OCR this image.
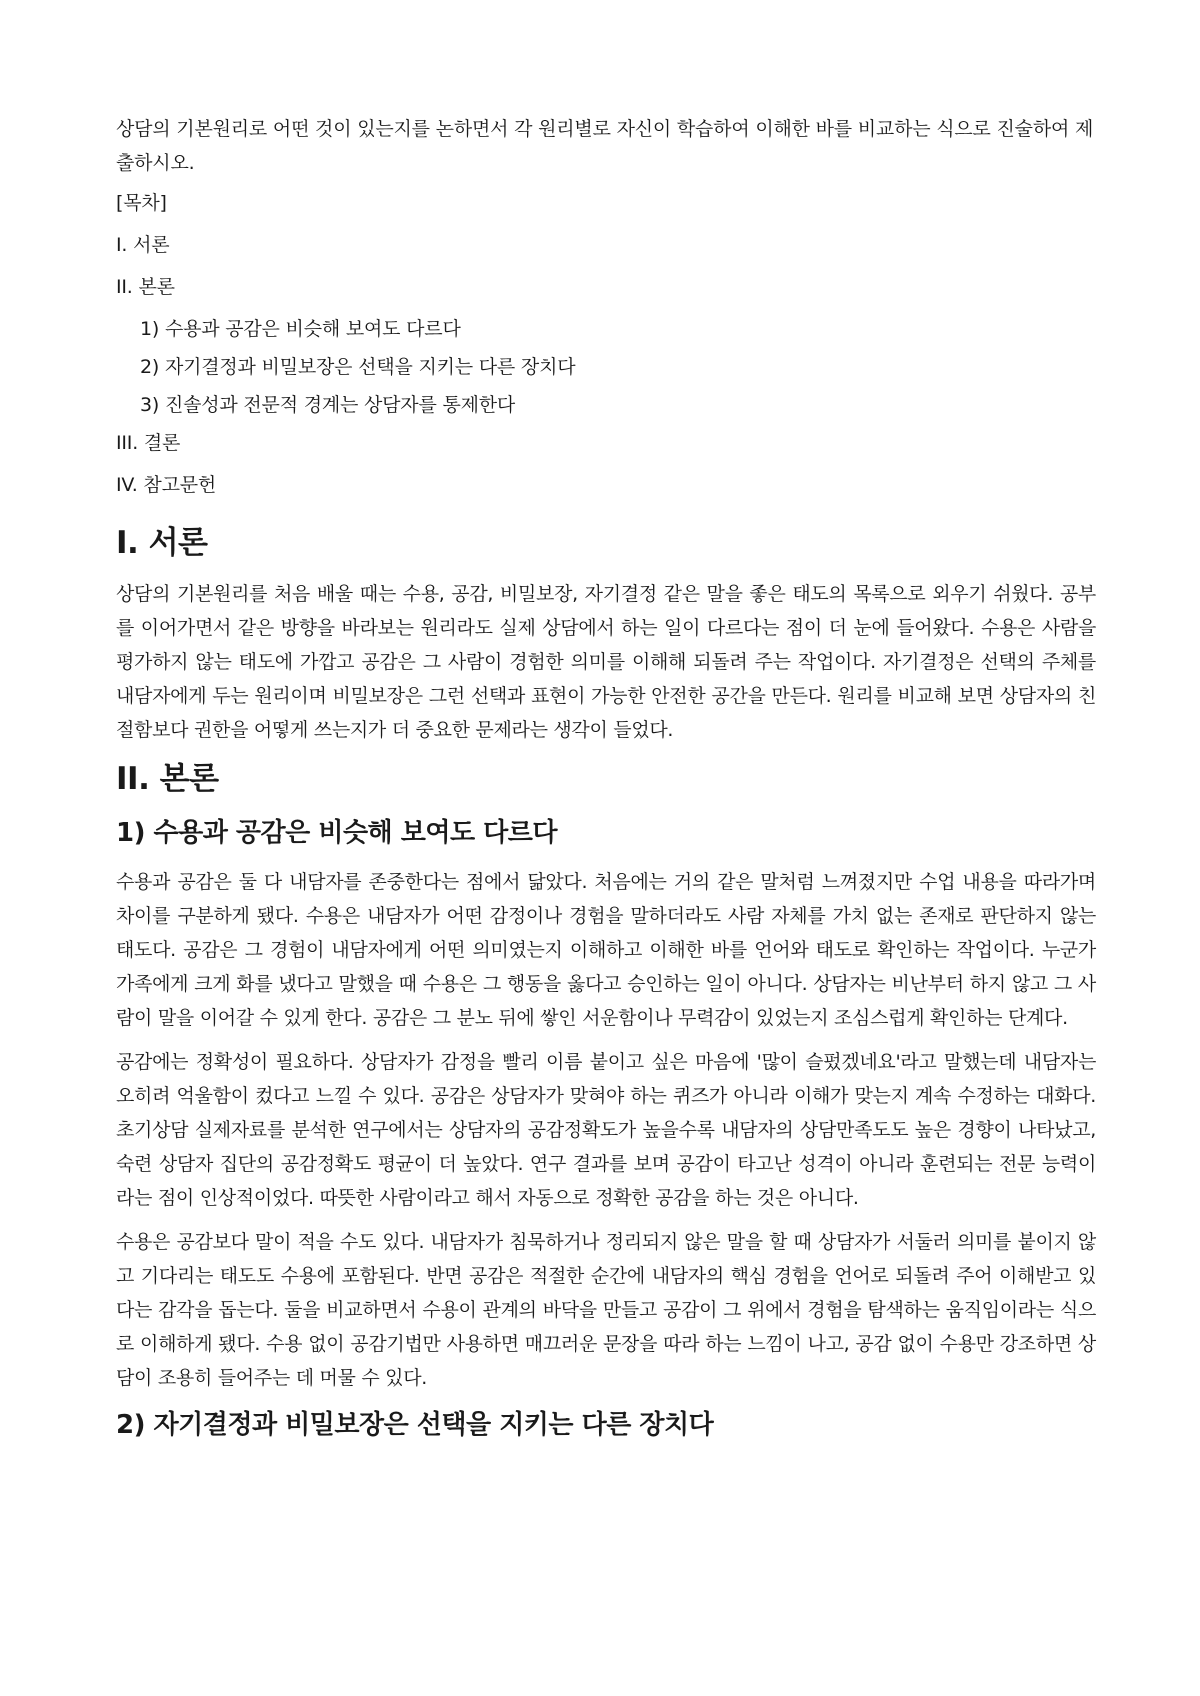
상담의 기본원리로 어떤 것이 있는지를 논하면서 각 원리별로 자신이 학습하여 이해한 바를 비교하는 식으로 진술하여 제출하시오.

[목차]
I. 서론
II. 본론
1) 수용과 공감은 비슷해 보여도 다르다
2) 자기결정과 비밀보장은 선택을 지키는 다른 장치다
3) 진솔성과 전문적 경계는 상담자를 통제한다
III. 결론
IV. 참고문헌
I. 서론

상담의 기본원리를 처음 배울 때는 수용, 공감, 비밀보장, 자기결정 같은 말을 좋은 태도의 목록으로 외우기 쉬웠다. 공부를 이어가면서 같은 방향을 바라보는 원리라도 실제 상담에서 하는 일이 다르다는 점이 더 눈에 들어왔다. 수용은 사람을 평가하지 않는 태도에 가깝고 공감은 그 사람이 경험한 의미를 이해해 되돌려 주는 작업이다. 자기결정은 선택의 주체를 내담자에게 두는 원리이며 비밀보장은 그런 선택과 표현이 가능한 안전한 공간을 만든다. 원리를 비교해 보면 상담자의 친절함보다 권한을 어떻게 쓰는지가 더 중요한 문제라는 생각이 들었다.

II. 본론
1) 수용과 공감은 비슷해 보여도 다르다

수용과 공감은 둘 다 내담자를 존중한다는 점에서 닮았다. 처음에는 거의 같은 말처럼 느껴졌지만 수업 내용을 따라가며 차이를 구분하게 됐다. 수용은 내담자가 어떤 감정이나 경험을 말하더라도 사람 자체를 가치 없는 존재로 판단하지 않는 태도다. 공감은 그 경험이 내담자에게 어떤 의미였는지 이해하고 이해한 바를 언어와 태도로 확인하는 작업이다. 누군가 가족에게 크게 화를 냈다고 말했을 때 수용은 그 행동을 옳다고 승인하는 일이 아니다. 상담자는 비난부터 하지 않고 그 사람이 말을 이어갈 수 있게 한다. 공감은 그 분노 뒤에 쌓인 서운함이나 무력감이 있었는지 조심스럽게 확인하는 단계다.

공감에는 정확성이 필요하다. 상담자가 감정을 빨리 이름 붙이고 싶은 마음에 '많이 슬펐겠네요'라고 말했는데 내담자는 오히려 억울함이 컸다고 느낄 수 있다. 공감은 상담자가 맞혀야 하는 퀴즈가 아니라 이해가 맞는지 계속 수정하는 대화다. 초기상담 실제자료를 분석한 연구에서는 상담자의 공감정확도가 높을수록 내담자의 상담만족도도 높은 경향이 나타났고, 숙련 상담자 집단의 공감정확도 평균이 더 높았다. 연구 결과를 보며 공감이 타고난 성격이 아니라 훈련되는 전문 능력이라는 점이 인상적이었다. 따뜻한 사람이라고 해서 자동으로 정확한 공감을 하는 것은 아니다.

수용은 공감보다 말이 적을 수도 있다. 내담자가 침묵하거나 정리되지 않은 말을 할 때 상담자가 서둘러 의미를 붙이지 않고 기다리는 태도도 수용에 포함된다. 반면 공감은 적절한 순간에 내담자의 핵심 경험을 언어로 되돌려 주어 이해받고 있다는 감각을 돕는다. 둘을 비교하면서 수용이 관계의 바닥을 만들고 공감이 그 위에서 경험을 탐색하는 움직임이라는 식으로 이해하게 됐다. 수용 없이 공감기법만 사용하면 매끄러운 문장을 따라 하는 느낌이 나고, 공감 없이 수용만 강조하면 상담이 조용히 들어주는 데 머물 수 있다.

2) 자기결정과 비밀보장은 선택을 지키는 다른 장치다
